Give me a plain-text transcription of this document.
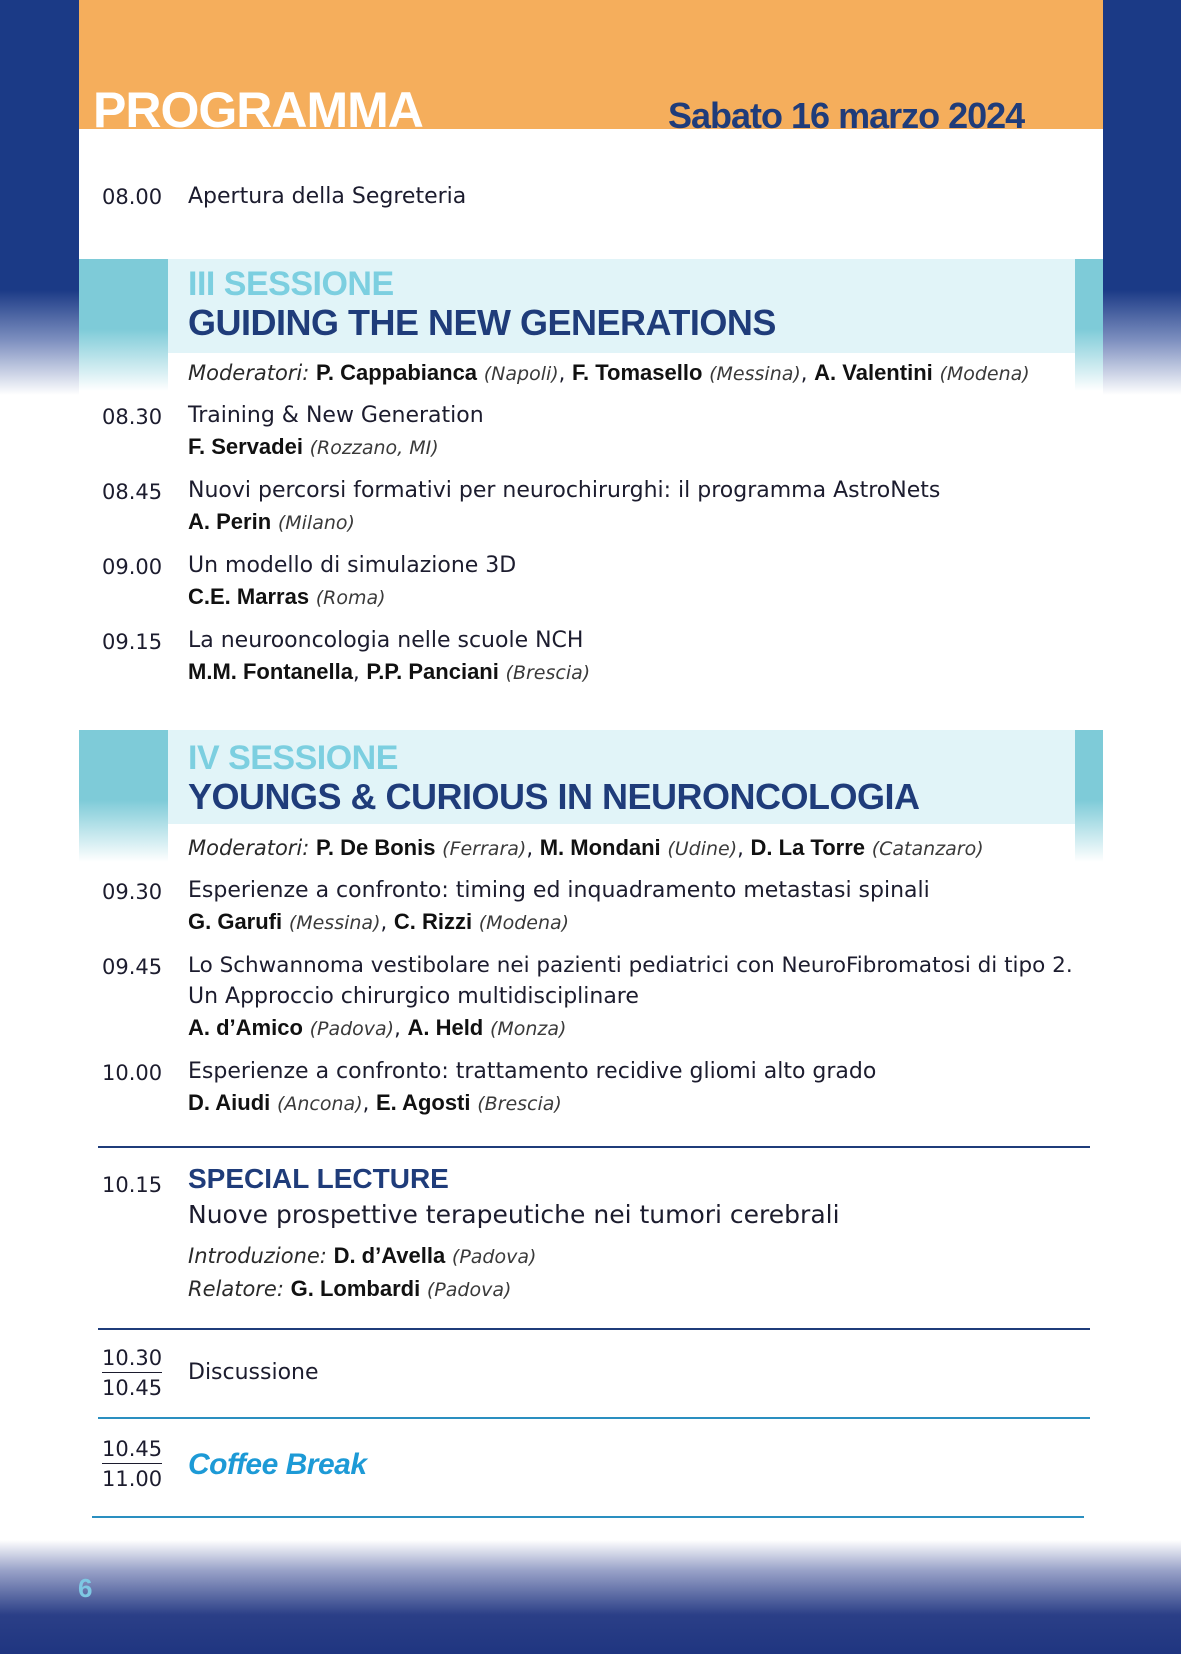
PROGRAMMA	Sabato 16 marzo 2024
08.00 Apertura della Segreteria
III SESSIONE
GUIDING THE NEW GENERATIONS
Moderatori: P. Cappabianca (Napoli), F. Tomasello (Messina), A. Valentini (Modena)
08.30 Training & New Generation
F. Servadei (Rozzano, MI)
08.45 Nuovi percorsi formativi per neurochirurghi: il programma AstroNets
A. Perin (Milano)
09.00 Un modello di simulazione 3D
C.E. Marras (Roma)
09.15 La neurooncologia nelle scuole NCH
M.M. Fontanella, P.P. Panciani (Brescia)
IV SESSIONE
YOUNGS & CURIOUS IN NEURONCOLOGIA
Moderatori: P. De Bonis (Ferrara), M. Mondani (Udine), D. La Torre (Catanzaro)
09.30 Esperienze a confronto: timing ed inquadramento metastasi spinali
G. Garufi (Messina), C. Rizzi (Modena)
09.45 Lo Schwannoma vestibolare nei pazienti pediatrici con NeuroFibromatosi di tipo 2.
Un Approccio chirurgico multidisciplinare
A. d’Amico (Padova), A. Held (Monza)
10.00 Esperienze a confronto: trattamento recidive gliomi alto grado
D. Aiudi (Ancona), E. Agosti (Brescia)
10.15 SPECIAL LECTURE
Nuove prospettive terapeutiche nei tumori cerebrali
Introduzione: D. d’Avella (Padova)
Relatore: G. Lombardi (Padova)
10.30
10.45
Discussione
10.45
11.00 Coffee Break
6
